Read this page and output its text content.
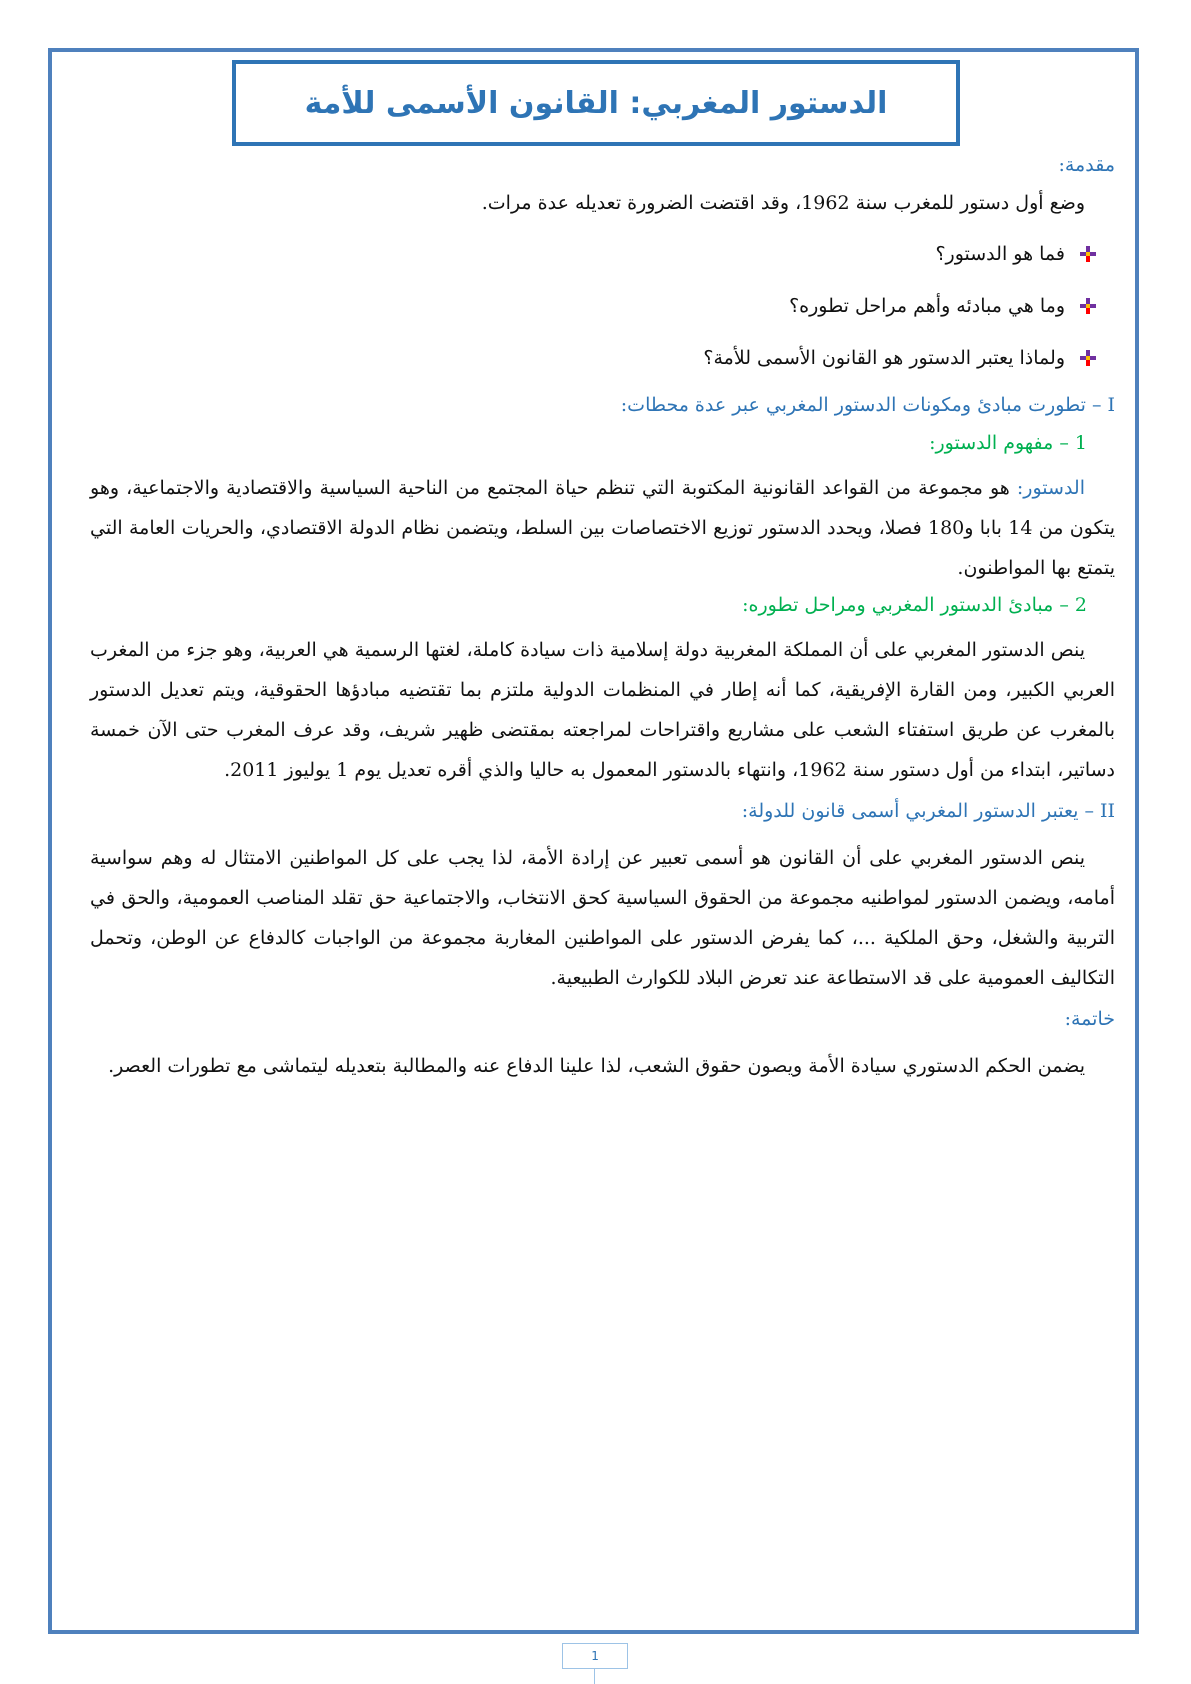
الدستور المغربي: القانون الأسمى للأمة
مقدمة:
وضع أول دستور للمغرب سنة 1962، وقد اقتضت الضرورة تعديله عدة مرات.
فما هو الدستور؟
وما هي مبادئه وأهم مراحل تطوره؟
ولماذا يعتبر الدستور هو القانون الأسمى للأمة؟
I – تطورت مبادئ ومكونات الدستور المغربي عبر عدة محطات:
1 – مفهوم الدستور:

الدستور: هو مجموعة من القواعد القانونية المكتوبة التي تنظم حياة المجتمع من الناحية السياسية والاقتصادية والاجتماعية، وهو يتكون من 14 بابا و180 فصلا، ويحدد الدستور توزيع الاختصاصات بين السلط، ويتضمن نظام الدولة الاقتصادي، والحريات العامة التي يتمتع بها المواطنون.

2 – مبادئ الدستور المغربي ومراحل تطوره:

ينص الدستور المغربي على أن المملكة المغربية دولة إسلامية ذات سيادة كاملة، لغتها الرسمية هي العربية، وهو جزء من المغرب العربي الكبير، ومن القارة الإفريقية، كما أنه إطار في المنظمات الدولية ملتزم بما تقتضيه مبادؤها الحقوقية، ويتم تعديل الدستور بالمغرب عن طريق استفتاء الشعب على مشاريع واقتراحات لمراجعته بمقتضى ظهير شريف، وقد عرف المغرب حتى الآن خمسة دساتير، ابتداء من أول دستور سنة 1962، وانتهاء بالدستور المعمول به حاليا والذي أقره تعديل يوم 1 يوليوز 2011.

II – يعتبر الدستور المغربي أسمى قانون للدولة:

ينص الدستور المغربي على أن القانون هو أسمى تعبير عن إرادة الأمة، لذا يجب على كل المواطنين الامتثال له وهم سواسية أمامه، ويضمن الدستور لمواطنيه مجموعة من الحقوق السياسية كحق الانتخاب، والاجتماعية حق تقلد المناصب العمومية، والحق في التربية والشغل، وحق الملكية ...، كما يفرض الدستور على المواطنين المغاربة مجموعة من الواجبات كالدفاع عن الوطن، وتحمل التكاليف العمومية على قد الاستطاعة عند تعرض البلاد للكوارث الطبيعية.

خاتمة:

يضمن الحكم الدستوري سيادة الأمة ويصون حقوق الشعب، لذا علينا الدفاع عنه والمطالبة بتعديله ليتماشى مع تطورات العصر.

1
